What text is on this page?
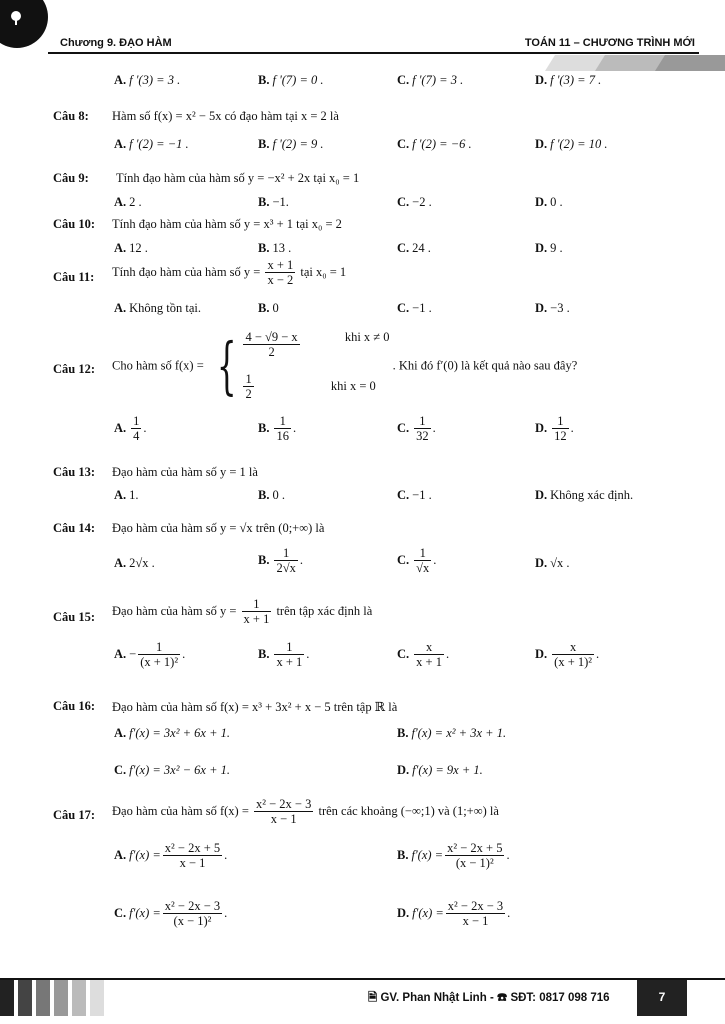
Chương 9. ĐẠO HÀM	TOÁN 11 – CHƯƠNG TRÌNH MỚI
A. f '(3) = 3 .	B. f '(7) = 0 .	C. f '(7) = 3 .	D. f '(3) = 7 .
Câu 8: Hàm số f(x) = x² − 5x có đạo hàm tại x = 2 là
A. f '(2) = −1 .	B. f '(2) = 9 .	C. f '(2) = −6 .	D. f '(2) = 10 .
Câu 9: Tính đạo hàm của hàm số y = −x² + 2x tại x₀ = 1
A. 2 .	B. −1.	C. −2 .	D. 0 .
Câu 10: Tính đạo hàm của hàm số y = x³ + 1 tại x₀ = 2
A. 12 .	B. 13 .	C. 24 .	D. 9 .
Câu 11: Tính đạo hàm của hàm số $y = \frac{x + 1}{x - 2}$ tại x₀ = 1
A. Không tồn tại.	B. 0	C. −1 .	D. −3 .
Câu 12: Cho hàm số f(x) = { $\frac{4 - √9 - x}{2}$	khi x ≠ 0
$\frac{1}{2}$	khi x = 0
. Khi đó f′(0) là kết quả nào sau đây?
A. $\frac{1}{4}$ .	B. $\frac{1}{16}$ .	C. $\frac{1}{32}$ .	D. $\frac{1}{12}$ .
Câu 13: Đạo hàm của hàm số y = 1 là
A. 1.	B. 0 .	C. −1 .	D. Không xác định.
Câu 14: Đạo hàm của hàm số y = √x trên (0;+∞) là
A. 2√x .	B. $\frac{1}{2√x}$ .	C. $\frac{1}{√x}$ .	D. √x .
Câu 15: Đạo hàm của hàm số $y = \frac{1}{x + 1}$ trên tập xác định là
A. − $\frac{1}{\text{(x + 1)²}}$ .	B. $\frac{1}{x + 1}$ .	C. $\frac{x}{x + 1}$ .	D. $\frac{x}{\text{(x + 1)²}}$ .
Câu 16: Đạo hàm của hàm số f(x) = x³ + 3x² + x − 5 trên tập ℝ là
A. f′(x) = 3x² + 6x + 1.	B. f′(x) = x² + 3x + 1.
C. f′(x) = 3x² − 6x + 1.	D. f′(x) = 9x + 1.
Câu 17: Đạo hàm của hàm số $f(x) = \frac{\text{x² − 2x − 3}}{x - 1}$ trên các khoảng (−∞;1) và (1;+∞) là
A. $f'(x) = \frac{\text{x² − 2x + 5}}{x - 1}$ .	B. $f'(x) = \frac{\text{x² − 2x + 5}}{\text{(x − 1)²}}$ .
C. $f'(x) = \frac{\text{x² − 2x − 3}}{\text{(x − 1)²}}$ .	D. $f'(x) = \frac{\text{x² − 2x − 3}}{x - 1}$ .
🗎 GV. Phan Nhật Linh - ☎ SĐT: 0817 098 716	7
